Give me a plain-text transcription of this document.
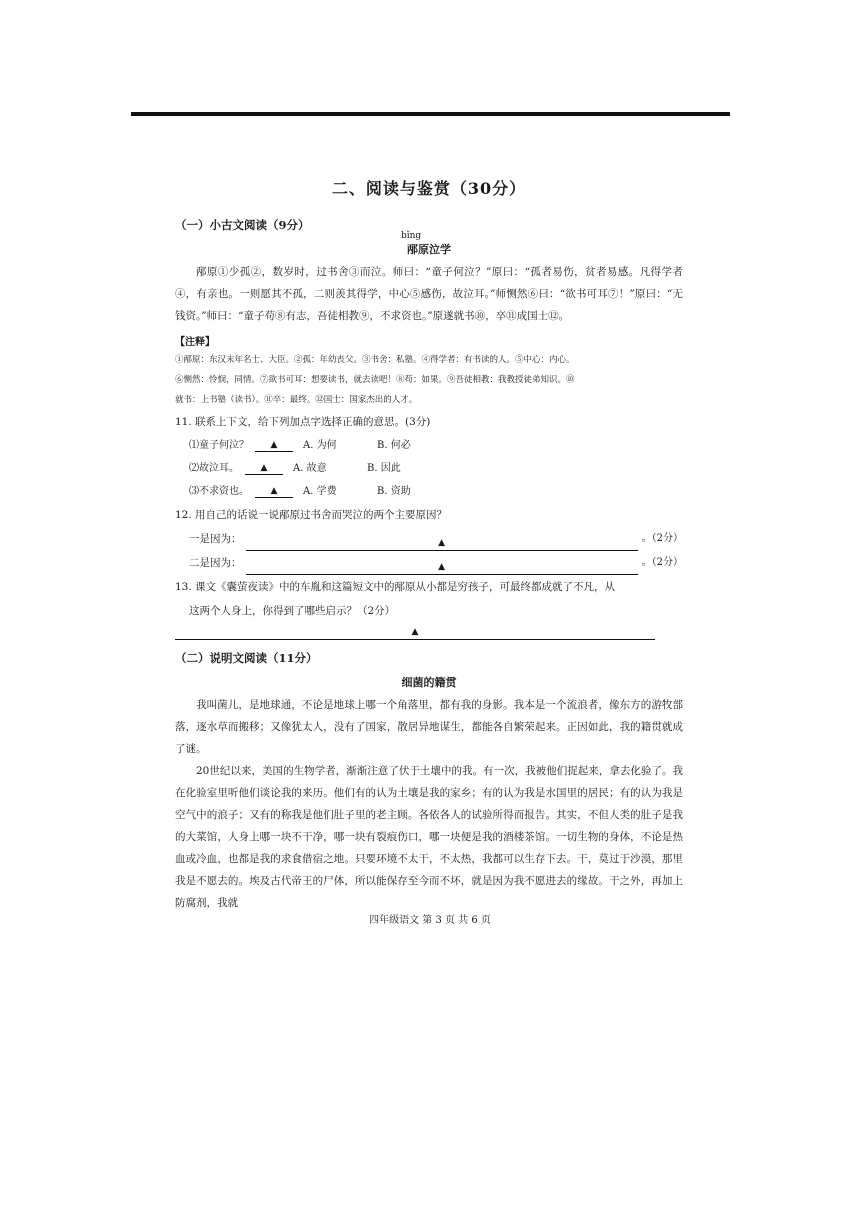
二、阅读与鉴赏（30分）
（一）小古文阅读（9分）
bǐng
邴原泣学

邴原①少孤②，数岁时，过书舍③而泣。师曰：“童子何泣？”原曰：“孤者易伤，贫者易感。凡得学者④，有亲也。一则愿其不孤，二则羡其得学，中心⑤感伤，故泣耳。”师恻然⑥曰：“欲书可耳⑦！”原曰：“无钱资。”师曰：“童子苟⑧有志，吾徒相教⑨，不求资也。”原遂就书⑩，卒⑪成国士⑫。

【注释】

①邴原：东汉末年名士、大臣。②孤：年幼丧父。③书舍：私塾。④得学者：有书读的人。⑤中心：内心。

⑥恻然：怜悯，同情。⑦欲书可耳：想要读书，就去读吧！⑧苟：如果。⑨吾徒相教：我教授徒弟知识。⑩

就书：上书塾（读书）。⑪卒：最终。⑫国士：国家杰出的人才。

11. 联系上下文，给下列加点字选择正确的意思。(3分)

⑴童子何泣？	▲	A. 为何	B. 何必
⑵故泣耳。	▲	A. 故意	B. 因此
⑶不求资也。	▲	A. 学费	B. 资助

12. 用自己的话说一说邴原过书舍而哭泣的两个主要原因？

一是因为：	▲	。（2分）
二是因为：	▲	。（2分）

13. 课文《囊萤夜读》中的车胤和这篇短文中的邴原从小都是穷孩子，可最终都成就了不凡，从

这两个人身上，你得到了哪些启示？（2分）

▲
（二）说明文阅读（11分）
细菌的籍贯

我叫菌儿，是地球通，不论是地球上哪一个角落里，都有我的身影。我本是一个流浪者，像东方的游牧部落，逐水草而搬移；又像犹太人，没有了国家，散居异地谋生，都能各自繁荣起来。正因如此，我的籍贯就成了谜。

20世纪以来，美国的生物学者，渐渐注意了伏于土壤中的我。有一次，我被他们捉起来，拿去化验了。我在化验室里听他们谈论我的来历。他们有的认为土壤是我的家乡；有的认为我是水国里的居民；有的认为我是空气中的浪子；又有的称我是他们肚子里的老主顾。各依各人的试验所得而报告。其实，不但人类的肚子是我的大菜馆，人身上哪一块不干净，哪一块有裂痕伤口，哪一块便是我的酒楼茶馆。一切生物的身体，不论是热血或冷血，也都是我的求食借宿之地。只要环境不太干，不太热，我都可以生存下去。干，莫过于沙漠，那里我是不愿去的。埃及古代帝王的尸体，所以能保存至今而不坏，就是因为我不愿进去的缘故。干之外，再加上防腐剂，我就

四年级语文 第 3 页 共 6 页
